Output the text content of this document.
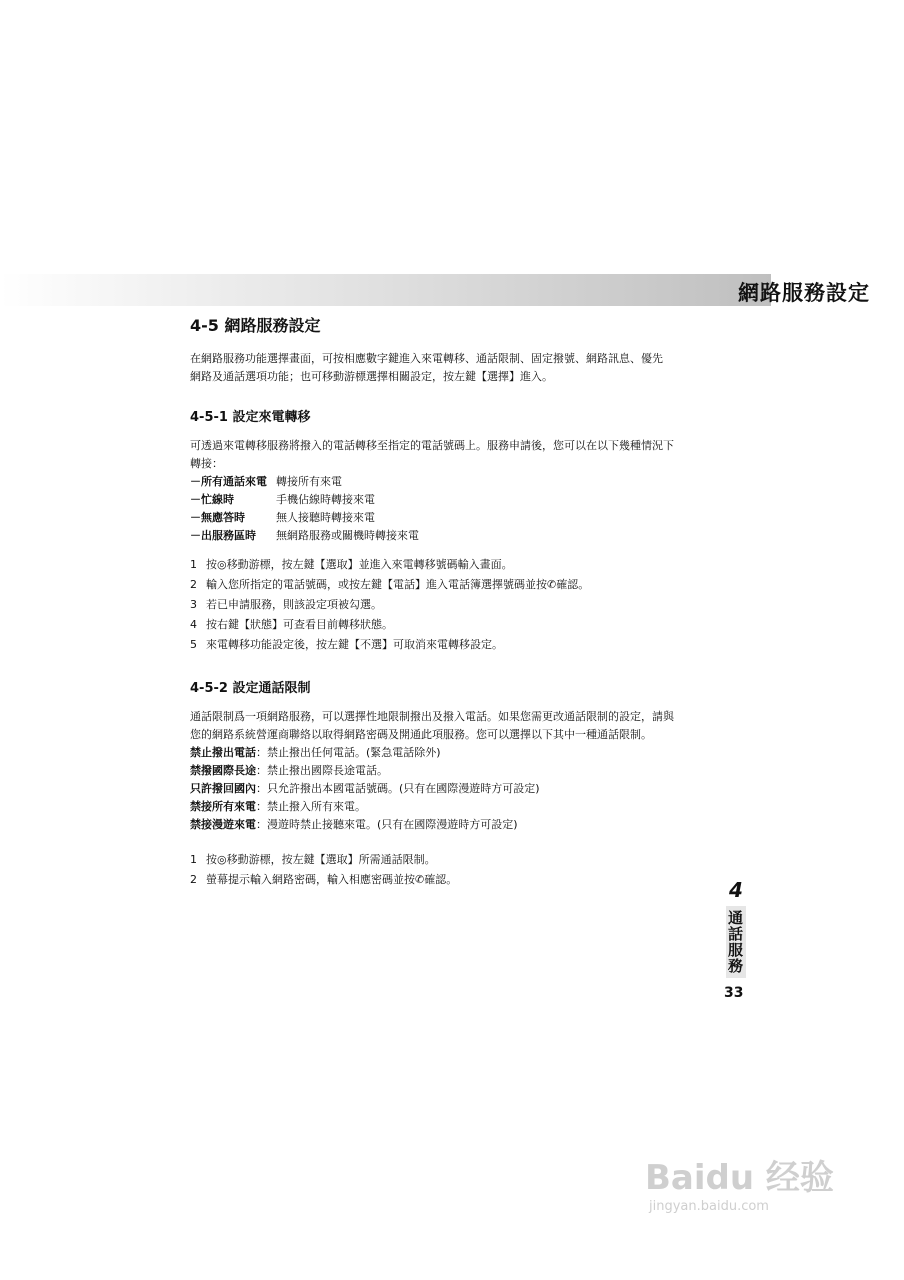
網路服務設定
4-5 網路服務設定

在網路服務功能選擇畫面，可按相應數字鍵進入來電轉移、通話限制、固定撥號、網路訊息、優先

網路及通話選項功能；也可移動游標選擇相關設定，按左鍵【選擇】進入。

4-5-1 設定來電轉移

可透過來電轉移服務將撥入的電話轉移至指定的電話號碼上。服務申請後，您可以在以下幾種情況下

轉接：

－所有通話來電 轉接所有來電
－忙線時	手機佔線時轉接來電
－無應答時	無人接聽時轉接來電
－出服務區時	無網路服務或關機時轉接來電
1 按◎移動游標，按左鍵【選取】並進入來電轉移號碼輸入畫面。
2 輸入您所指定的電話號碼，或按左鍵【電話】進入電話簿選擇號碼並按✆確認。
3 若已申請服務，則該設定項被勾選。
4 按右鍵【狀態】可查看目前轉移狀態。
5 來電轉移功能設定後，按左鍵【不選】可取消來電轉移設定。
4-5-2 設定通話限制

通話限制爲一項網路服務，可以選擇性地限制撥出及撥入電話。如果您需更改通話限制的設定，請與

您的網路系統營運商聯絡以取得網路密碼及開通此項服務。您可以選擇以下其中一種通話限制。

禁止撥出電話：禁止撥出任何電話。(緊急電話除外)
禁撥國際長途：禁止撥出國際長途電話。
只許撥回國內：只允許撥出本國電話號碼。(只有在國際漫遊時方可設定)
禁接所有來電：禁止撥入所有來電。
禁接漫遊來電：漫遊時禁止接聽來電。(只有在國際漫遊時方可設定)
1 按◎移動游標，按左鍵【選取】所需通話限制。
2 螢幕提示輸入網路密碼，輸入相應密碼並按✆確認。	4
通話服務
33
Baidu 经验
jingyan.baidu.com
